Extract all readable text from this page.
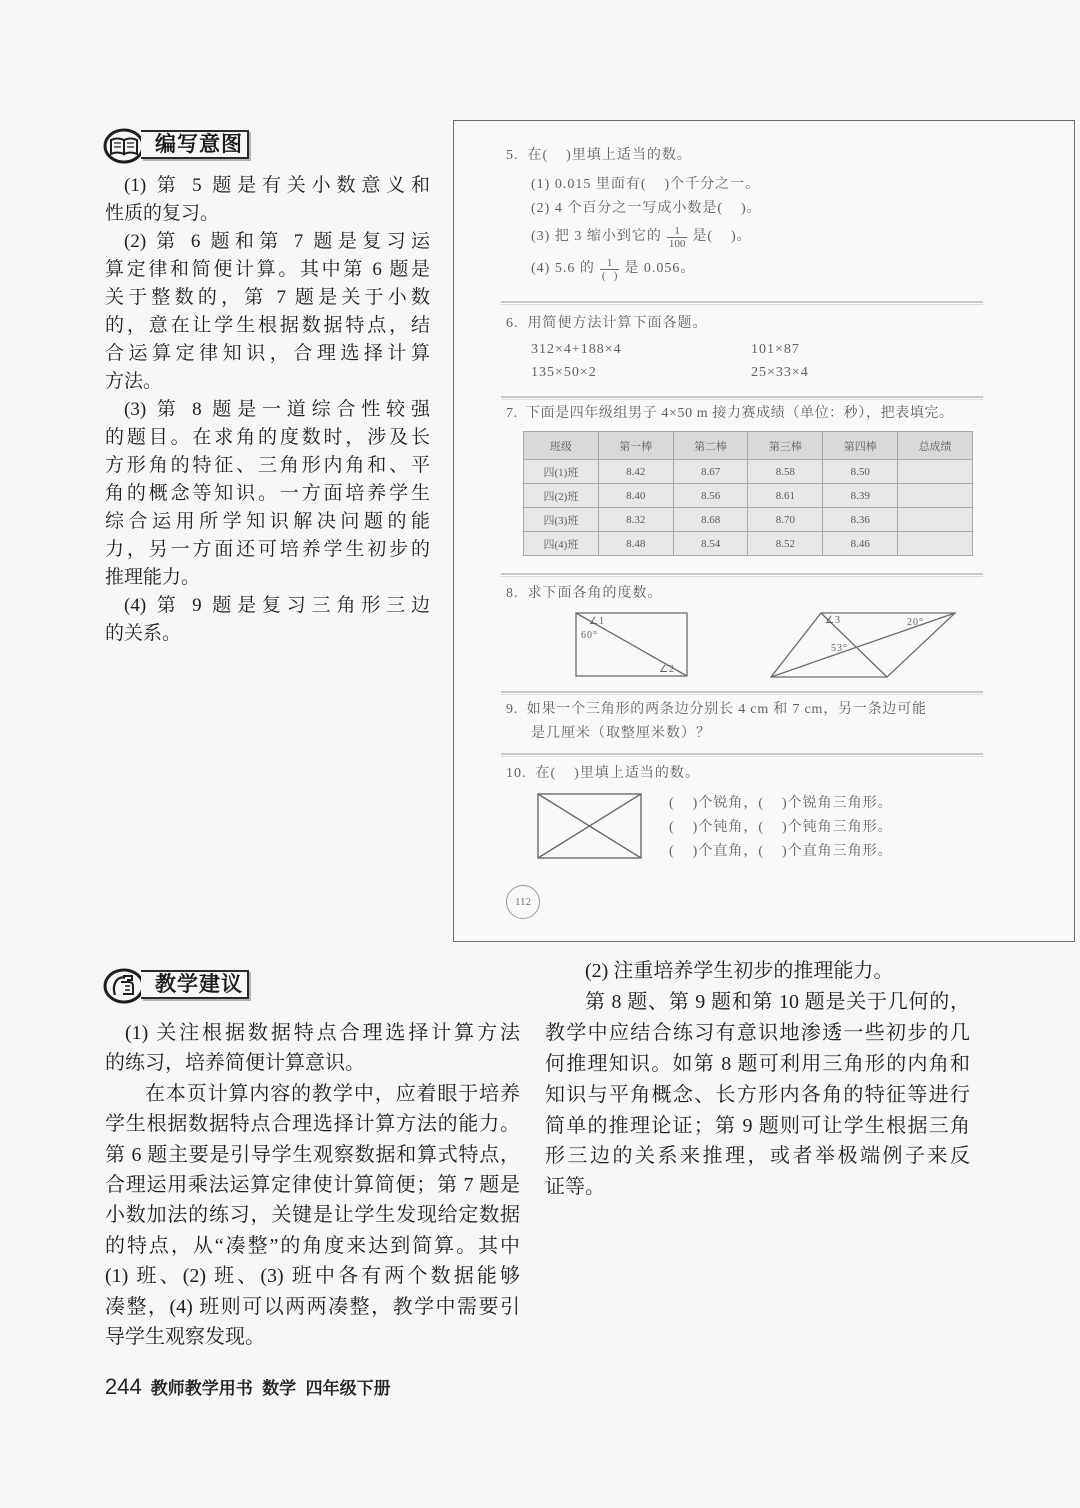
编写意图
(1) 第 5 题是有关小数意义和
性质的复习。
(2) 第 6 题和第 7 题是复习运
算定律和简便计算。其中第 6 题是
关于整数的，第 7 题是关于小数
的，意在让学生根据数据特点，结
合运算定律知识，合理选择计算
方法。
(3) 第 8 题是一道综合性较强
的题目。在求角的度数时，涉及长
方形角的特征、三角形内角和、平
角的概念等知识。一方面培养学生
综合运用所学知识解决问题的能
力，另一方面还可培养学生初步的
推理能力。
(4) 第 9 题是复习三角形三边
的关系。
5.  在(    )里填上适当的数。
(1) 0.015 里面有(    )个千分之一。
(2) 4 个百分之一写成小数是(    )。
(3) 把 3 缩小到它的 $\frac{1}{100}$ 是(    )。
(4) 5.6 的 $\frac{1}{( )}$ 是 0.056。
6.  用简便方法计算下面各题。
312×4+188×4	101×87
135×50×2	25×33×4
7.  下面是四年级组男子 4×50 m 接力赛成绩（单位：秒），把表填完。
班级	第一棒	第二棒	第三棒	第四棒	总成绩
四(1)班	8.42	8.67	8.58	8.50	
四(2)班	8.40	8.56	8.61	8.39	
四(3)班	8.32	8.68	8.70	8.36	
四(4)班	8.48	8.54	8.52	8.46	
8.  求下面各角的度数。
∠1
60°
∠2
∠3	20°
53°
9.  如果一个三角形的两条边分别长 4 cm 和 7 cm，另一条边可能
是几厘米（取整厘米数）？
10.  在(    )里填上适当的数。
(    )个锐角，(    )个锐角三角形。
(    )个钝角，(    )个钝角三角形。
(    )个直角，(    )个直角三角形。
112
教学建议
(1) 关注根据数据特点合理选择计算方法
的练习，培养简便计算意识。
在本页计算内容的教学中，应着眼于培养
学生根据数据特点合理选择计算方法的能力。
第 6 题主要是引导学生观察数据和算式特点，
合理运用乘法运算定律使计算简便；第 7 题是
小数加法的练习，关键是让学生发现给定数据
的特点，从“凑整”的角度来达到简算。其中
(1) 班、(2) 班、(3) 班中各有两个数据能够
凑整，(4) 班则可以两两凑整，教学中需要引
导学生观察发现。
(2) 注重培养学生初步的推理能力。
第 8 题、第 9 题和第 10 题是关于几何的，
教学中应结合练习有意识地渗透一些初步的几
何推理知识。如第 8 题可利用三角形的内角和
知识与平角概念、长方形内各角的特征等进行
简单的推理论证；第 9 题则可让学生根据三角
形三边的关系来推理，或者举极端例子来反
证等。
244 教师教学用书  数学  四年级下册
